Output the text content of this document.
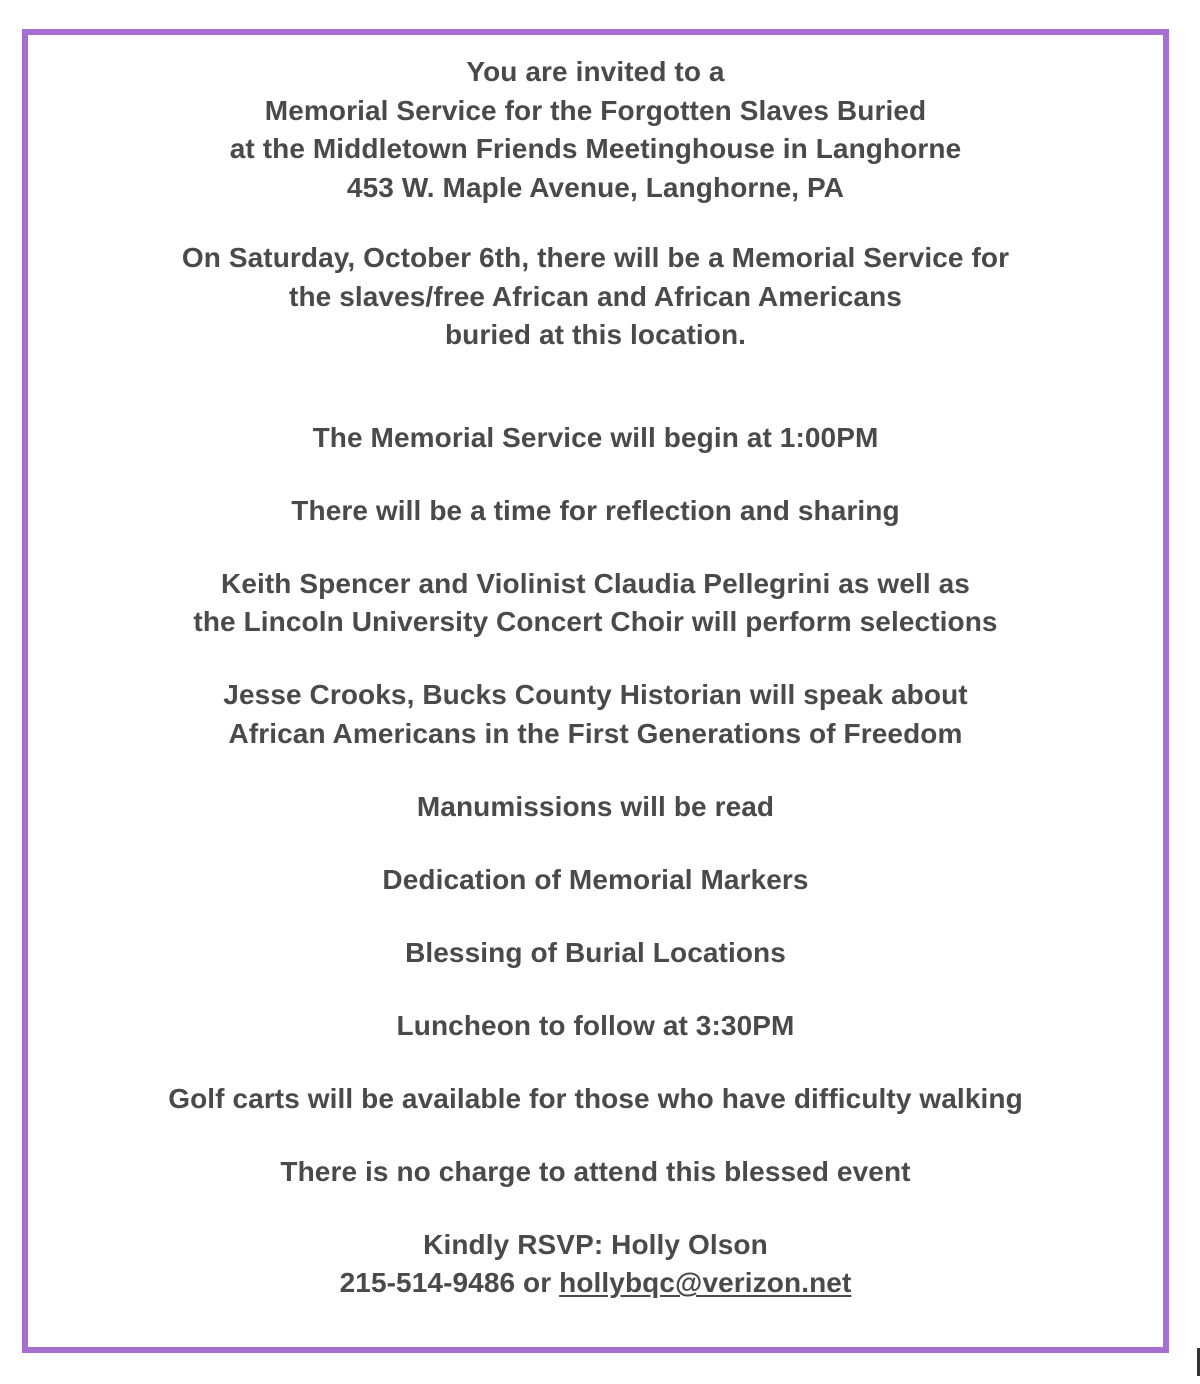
You are invited to a

Memorial Service for the Forgotten Slaves Buried

at the Middletown Friends Meetinghouse in Langhorne

453 W. Maple Avenue, Langhorne, PA

On Saturday, October 6th, there will be a Memorial Service for

the slaves/free African and African Americans

buried at this location.

The Memorial Service will begin at 1:00PM

There will be a time for reflection and sharing

Keith Spencer and Violinist Claudia Pellegrini as well as
the Lincoln University Concert Choir will perform selections

Jesse Crooks, Bucks County Historian will speak about
African Americans in the First Generations of Freedom

Manumissions will be read

Dedication of Memorial Markers

Blessing of Burial Locations

Luncheon to follow at 3:30PM

Golf carts will be available for those who have difficulty walking

There is no charge to attend this blessed event

Kindly RSVP: Holly Olson

215-514-9486 or hollybqc@verizon.net
